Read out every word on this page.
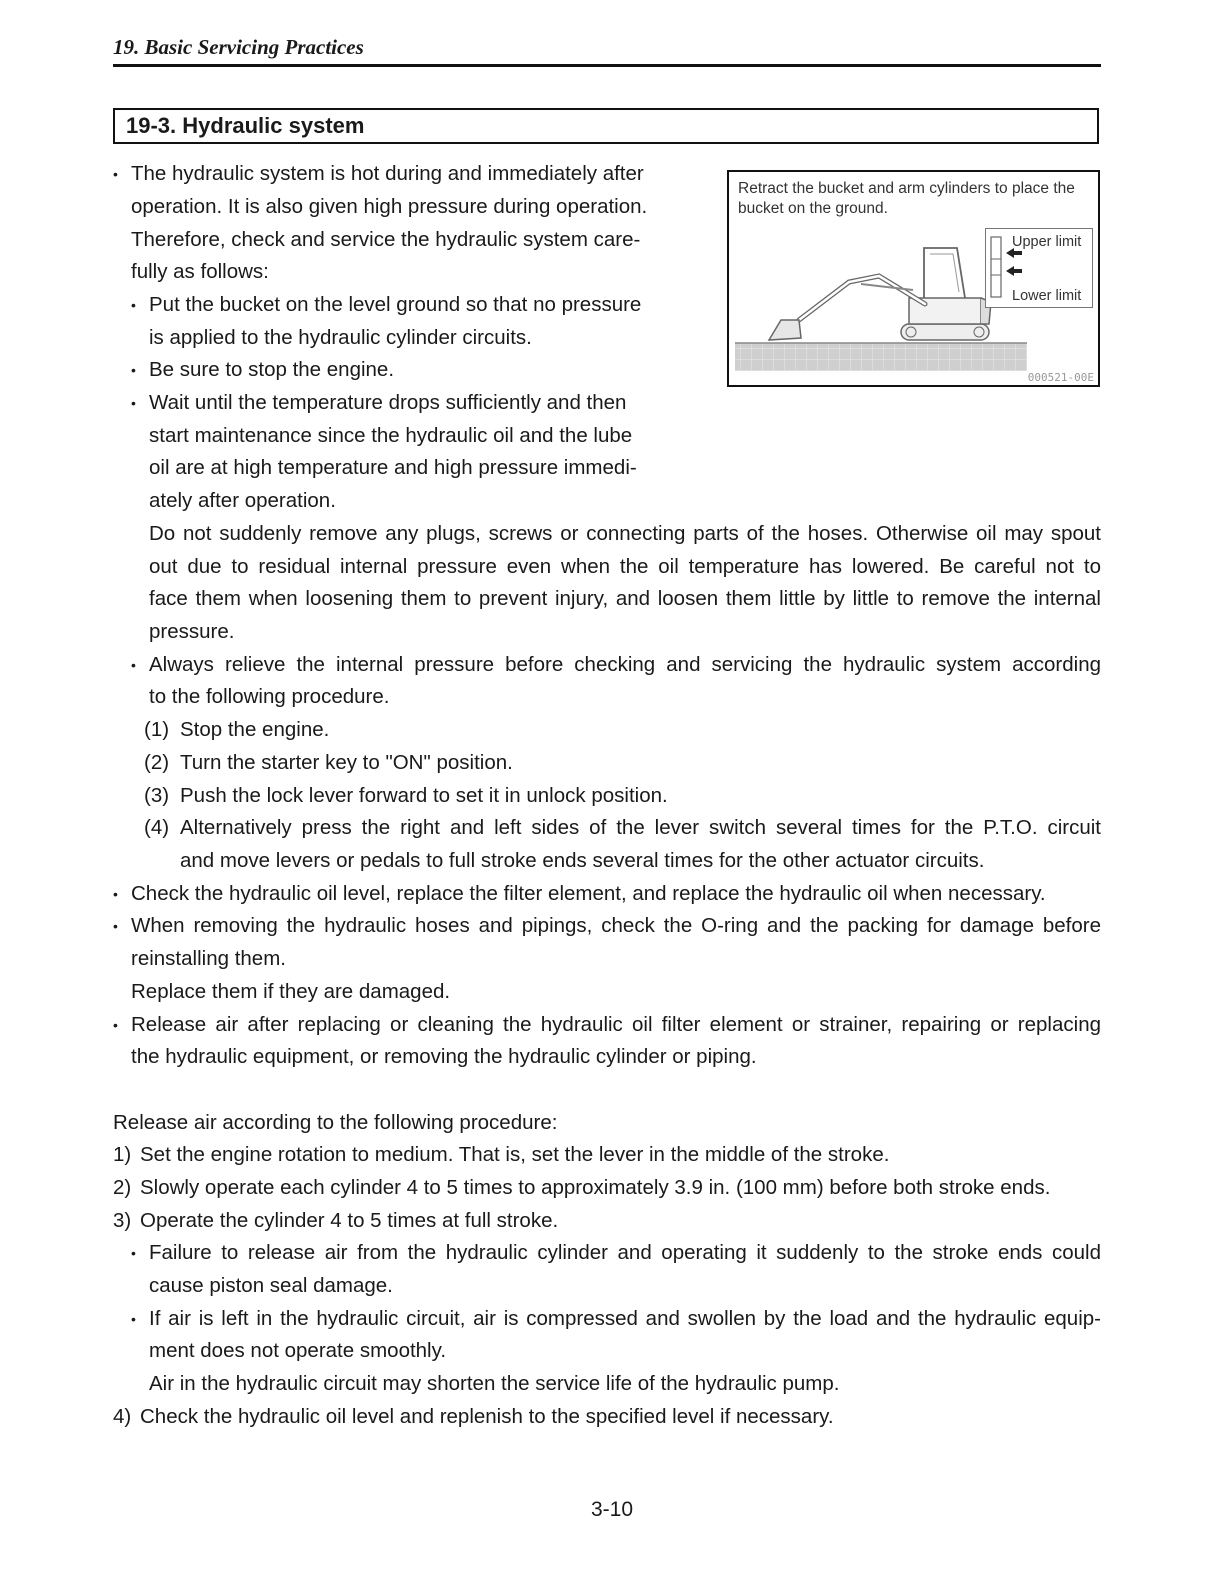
19. Basic Servicing Practices
19-3. Hydraulic system
Retract the bucket and arm cylinders to place the bucket on the ground.
Upper limit
Lower limit
000521-00E
• The hydraulic system is hot during and immediately after
operation. It is also given high pressure during operation.
Therefore, check and service the hydraulic system care-
fully as follows:
• Put the bucket on the level ground so that no pressure
is applied to the hydraulic cylinder circuits.
• Be sure to stop the engine.
• Wait until the temperature drops sufficiently and then
start maintenance since the hydraulic oil and the lube
oil are at high temperature and high pressure immedi-
ately after operation.
Do not suddenly remove any plugs, screws or connecting parts of the hoses. Otherwise oil may spout
out due to residual internal pressure even when the oil temperature has lowered. Be careful not to
face them when loosening them to prevent injury, and loosen them little by little to remove the internal
pressure.
• Always relieve the internal pressure before checking and servicing the hydraulic system according
to the following procedure.
(1) Stop the engine.
(2) Turn the starter key to "ON" position.
(3) Push the lock lever forward to set it in unlock position.
(4) Alternatively press the right and left sides of the lever switch several times for the P.T.O. circuit
and move levers or pedals to full stroke ends several times for the other actuator circuits.
• Check the hydraulic oil level, replace the filter element, and replace the hydraulic oil when necessary.
• When removing the hydraulic hoses and pipings, check the O-ring and the packing for damage before
reinstalling them.
Replace them if they are damaged.
• Release air after replacing or cleaning the hydraulic oil filter element or strainer, repairing or replacing
the hydraulic equipment, or removing the hydraulic cylinder or piping.
Release air according to the following procedure:
1) Set the engine rotation to medium. That is, set the lever in the middle of the stroke.
2) Slowly operate each cylinder 4 to 5 times to approximately 3.9 in. (100 mm) before both stroke ends.
3) Operate the cylinder 4 to 5 times at full stroke.
• Failure to release air from the hydraulic cylinder and operating it suddenly to the stroke ends could
cause piston seal damage.
• If air is left in the hydraulic circuit, air is compressed and swollen by the load and the hydraulic equip-
ment does not operate smoothly.
Air in the hydraulic circuit may shorten the service life of the hydraulic pump.
4) Check the hydraulic oil level and replenish to the specified level if necessary.
3-10
